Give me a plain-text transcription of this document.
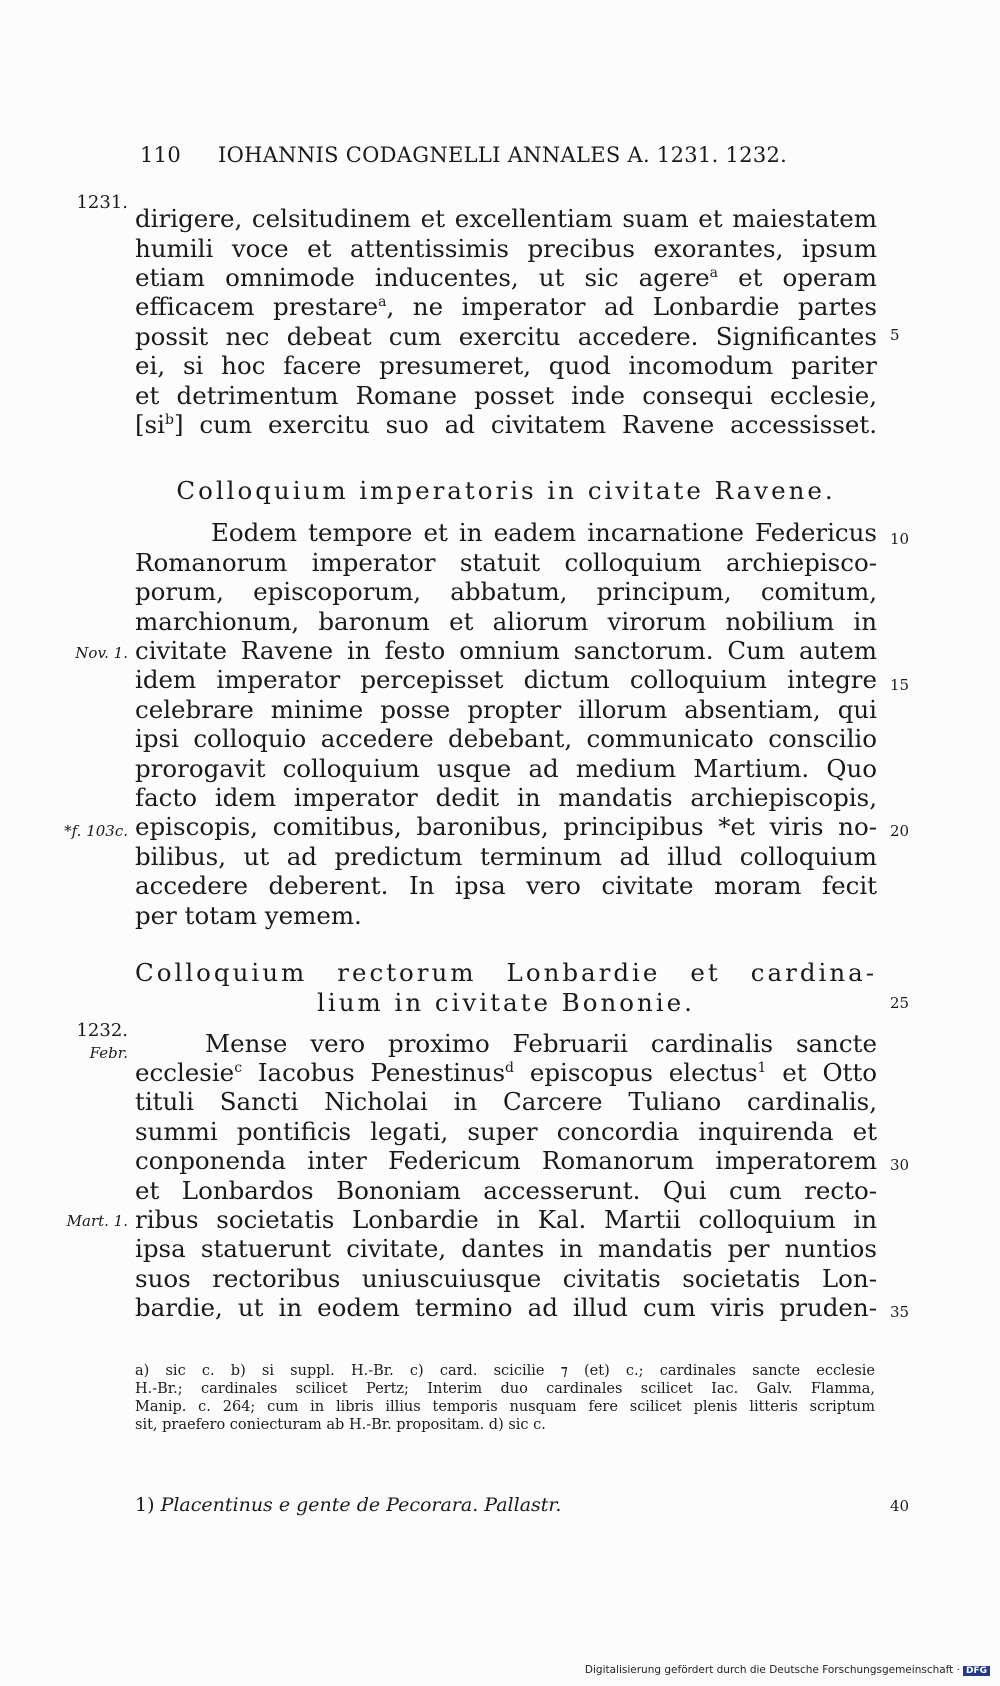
110 IOHANNIS CODAGNELLI ANNALES A. 1231. 1232.
1231.
1232.
Febr.
Nov. 1.
*f. 103c.
Mart. 1.
5
10
15
20
25
30
35
40
dirigere, celsitudinem et excellentiam suam et maiestatem
humili voce et attentissimis precibus exorantes, ipsum
etiam omnimode inducentes, ut sic agere$^a$ et operam
efficacem prestare$^a$, ne imperator ad Lonbardie partes
possit nec debeat cum exercitu accedere. Significantes
ei, si hoc facere presumeret, quod incomodum pariter
et detrimentum Romane posset inde consequi ecclesie,
$[si^b]$ cum exercitu suo ad civitatem Ravene accessisset.
Colloquium imperatoris in civitate Ravene.
Eodem tempore et in eadem incarnatione Federicus
Romanorum imperator statuit colloquium archiepisco-
porum, episcoporum, abbatum, principum, comitum,
marchionum, baronum et aliorum virorum nobilium in
civitate Ravene in festo omnium sanctorum. Cum autem
idem imperator percepisset dictum colloquium integre
celebrare minime posse propter illorum absentiam, qui
ipsi colloquio accedere debebant, communicato conscilio
prorogavit colloquium usque ad medium Martium. Quo
facto idem imperator dedit in mandatis archiepiscopis,
episcopis, comitibus, baronibus, principibus *et viris no-
bilibus, ut ad predictum terminum ad illud colloquium
accedere deberent. In ipsa vero civitate moram fecit
per totam yemem.
Colloquium rectorum Lonbardie et cardina-
lium in civitate Bononie.
Mense vero proximo Februarii cardinalis sancte
ecclesie$^c$ Iacobus Penestinus$^d$ episcopus electus$^1$ et Otto
tituli Sancti Nicholai in Carcere Tuliano cardinalis,
summi pontificis legati, super concordia inquirenda et
conponenda inter Federicum Romanorum imperatorem
et Lonbardos Bononiam accesserunt. Qui cum recto-
ribus societatis Lonbardie in Kal. Martii colloquium in
ipsa statuerunt civitate, dantes in mandatis per nuntios
suos rectoribus uniuscuiusque civitatis societatis Lon-
bardie, ut in eodem termino ad illud cum viris pruden-
a) sic c. b) si suppl. H.-Br. c) card. scicilie ⁊ (et) c.; cardinales sancte ecclesie
H.-Br.; cardinales scilicet Pertz; Interim duo cardinales scilicet Iac. Galv. Flamma,
Manip. c. 264; cum in libris illius temporis nusquam fere scilicet plenis litteris scriptum
sit, praefero coniecturam ab H.-Br. propositam. d) sic c.
1) Placentinus e gente de Pecorara. Pallastr.
Digitalisierung gefördert durch die Deutsche Forschungsgemeinschaft · DFG
